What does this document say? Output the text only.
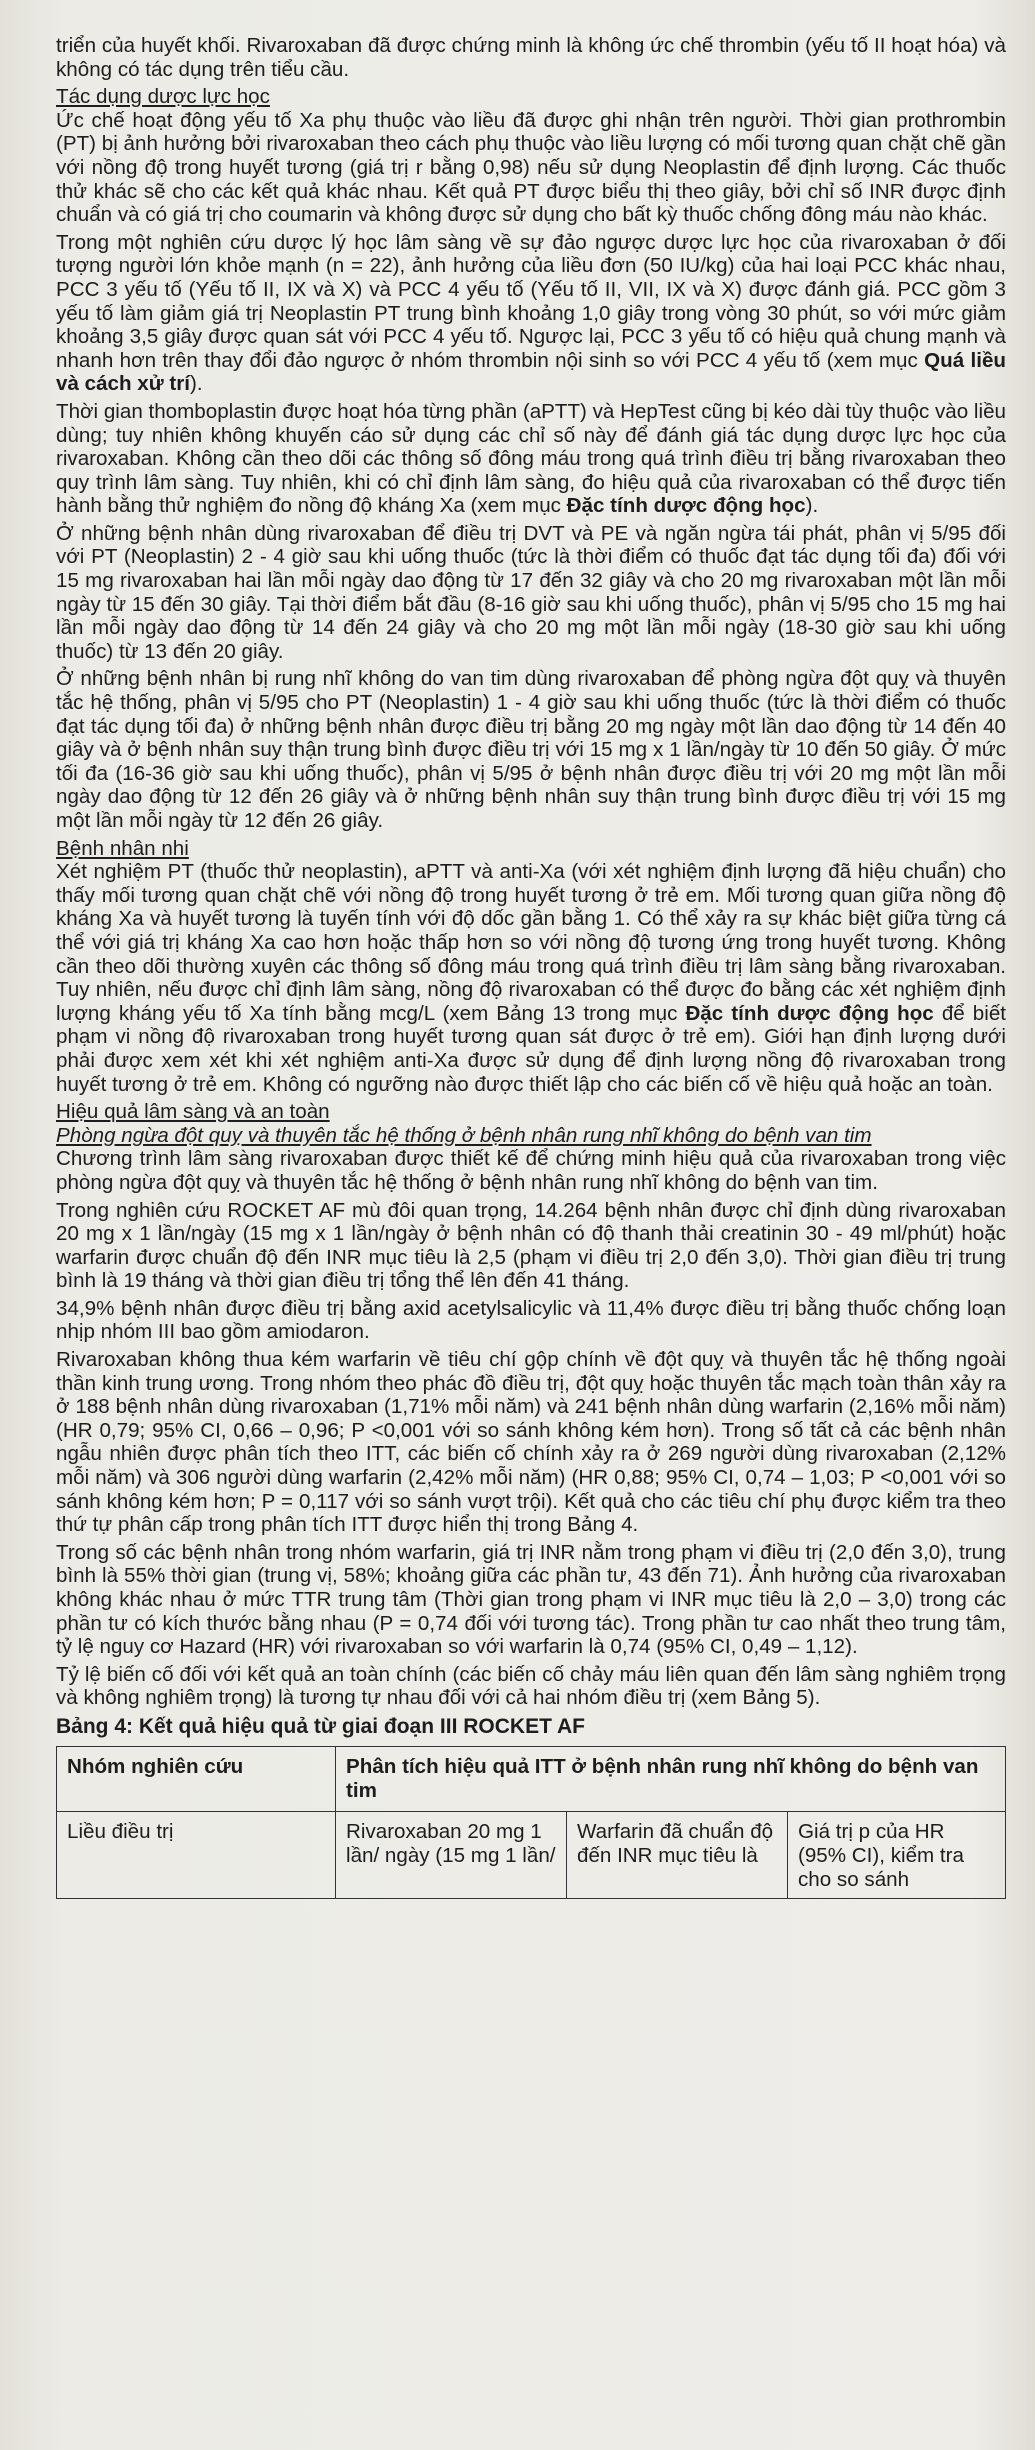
triển của huyết khối. Rivaroxaban đã được chứng minh là không ức chế thrombin (yếu tố II hoạt hóa) và không có tác dụng trên tiểu cầu.

Tác dụng dược lực học

Ức chế hoạt động yếu tố Xa phụ thuộc vào liều đã được ghi nhận trên người. Thời gian prothrombin (PT) bị ảnh hưởng bởi rivaroxaban theo cách phụ thuộc vào liều lượng có mối tương quan chặt chẽ gần với nồng độ trong huyết tương (giá trị r bằng 0,98) nếu sử dụng Neoplastin để định lượng. Các thuốc thử khác sẽ cho các kết quả khác nhau. Kết quả PT được biểu thị theo giây, bởi chỉ số INR được định chuẩn và có giá trị cho coumarin và không được sử dụng cho bất kỳ thuốc chống đông máu nào khác.

Trong một nghiên cứu dược lý học lâm sàng về sự đảo ngược dược lực học của rivaroxaban ở đối tượng người lớn khỏe mạnh (n = 22), ảnh hưởng của liều đơn (50 IU/kg) của hai loại PCC khác nhau, PCC 3 yếu tố (Yếu tố II, IX và X) và PCC 4 yếu tố (Yếu tố II, VII, IX và X) được đánh giá. PCC gồm 3 yếu tố làm giảm giá trị Neoplastin PT trung bình khoảng 1,0 giây trong vòng 30 phút, so với mức giảm khoảng 3,5 giây được quan sát với PCC 4 yếu tố. Ngược lại, PCC 3 yếu tố có hiệu quả chung mạnh và nhanh hơn trên thay đổi đảo ngược ở nhóm thrombin nội sinh so với PCC 4 yếu tố (xem mục Quá liều và cách xử trí).

Thời gian thomboplastin được hoạt hóa từng phần (aPTT) và HepTest cũng bị kéo dài tùy thuộc vào liều dùng; tuy nhiên không khuyến cáo sử dụng các chỉ số này để đánh giá tác dụng dược lực học của rivaroxaban. Không cần theo dõi các thông số đông máu trong quá trình điều trị bằng rivaroxaban theo quy trình lâm sàng. Tuy nhiên, khi có chỉ định lâm sàng, đo hiệu quả của rivaroxaban có thể được tiến hành bằng thử nghiệm đo nồng độ kháng Xa (xem mục Đặc tính dược động học).

Ở những bệnh nhân dùng rivaroxaban để điều trị DVT và PE và ngăn ngừa tái phát, phân vị 5/95 đối với PT (Neoplastin) 2 - 4 giờ sau khi uống thuốc (tức là thời điểm có thuốc đạt tác dụng tối đa) đối với 15 mg rivaroxaban hai lần mỗi ngày dao động từ 17 đến 32 giây và cho 20 mg rivaroxaban một lần mỗi ngày từ 15 đến 30 giây. Tại thời điểm bắt đầu (8-16 giờ sau khi uống thuốc), phân vị 5/95 cho 15 mg hai lần mỗi ngày dao động từ 14 đến 24 giây và cho 20 mg một lần mỗi ngày (18-30 giờ sau khi uống thuốc) từ 13 đến 20 giây.

Ở những bệnh nhân bị rung nhĩ không do van tim dùng rivaroxaban để phòng ngừa đột quỵ và thuyên tắc hệ thống, phân vị 5/95 cho PT (Neoplastin) 1 - 4 giờ sau khi uống thuốc (tức là thời điểm có thuốc đạt tác dụng tối đa) ở những bệnh nhân được điều trị bằng 20 mg ngày một lần dao động từ 14 đến 40 giây và ở bệnh nhân suy thận trung bình được điều trị với 15 mg x 1 lần/ngày từ 10 đến 50 giây. Ở mức tối đa (16-36 giờ sau khi uống thuốc), phân vị 5/95 ở bệnh nhân được điều trị với 20 mg một lần mỗi ngày dao động từ 12 đến 26 giây và ở những bệnh nhân suy thận trung bình được điều trị với 15 mg một lần mỗi ngày từ 12 đến 26 giây.

Bệnh nhân nhi

Xét nghiệm PT (thuốc thử neoplastin), aPTT và anti-Xa (với xét nghiệm định lượng đã hiệu chuẩn) cho thấy mối tương quan chặt chẽ với nồng độ trong huyết tương ở trẻ em. Mối tương quan giữa nồng độ kháng Xa và huyết tương là tuyến tính với độ dốc gần bằng 1. Có thể xảy ra sự khác biệt giữa từng cá thể với giá trị kháng Xa cao hơn hoặc thấp hơn so với nồng độ tương ứng trong huyết tương. Không cần theo dõi thường xuyên các thông số đông máu trong quá trình điều trị lâm sàng bằng rivaroxaban. Tuy nhiên, nếu được chỉ định lâm sàng, nồng độ rivaroxaban có thể được đo bằng các xét nghiệm định lượng kháng yếu tố Xa tính bằng mcg/L (xem Bảng 13 trong mục Đặc tính dược động học để biết phạm vi nồng độ rivaroxaban trong huyết tương quan sát được ở trẻ em). Giới hạn định lượng dưới phải được xem xét khi xét nghiệm anti-Xa được sử dụng để định lượng nồng độ rivaroxaban trong huyết tương ở trẻ em. Không có ngưỡng nào được thiết lập cho các biến cố về hiệu quả hoặc an toàn.

Hiệu quả lâm sàng và an toàn
Phòng ngừa đột quỵ và thuyên tắc hệ thống ở bệnh nhân rung nhĩ không do bệnh van tim

Chương trình lâm sàng rivaroxaban được thiết kế để chứng minh hiệu quả của rivaroxaban trong việc phòng ngừa đột quỵ và thuyên tắc hệ thống ở bệnh nhân rung nhĩ không do bệnh van tim.

Trong nghiên cứu ROCKET AF mù đôi quan trọng, 14.264 bệnh nhân được chỉ định dùng rivaroxaban 20 mg x 1 lần/ngày (15 mg x 1 lần/ngày ở bệnh nhân có độ thanh thải creatinin 30 - 49 ml/phút) hoặc warfarin được chuẩn độ đến INR mục tiêu là 2,5 (phạm vi điều trị 2,0 đến 3,0). Thời gian điều trị trung bình là 19 tháng và thời gian điều trị tổng thể lên đến 41 tháng.

34,9% bệnh nhân được điều trị bằng axid acetylsalicylic và 11,4% được điều trị bằng thuốc chống loạn nhịp nhóm III bao gồm amiodaron.

Rivaroxaban không thua kém warfarin về tiêu chí gộp chính về đột quỵ và thuyên tắc hệ thống ngoài thần kinh trung ương. Trong nhóm theo phác đồ điều trị, đột quỵ hoặc thuyên tắc mạch toàn thân xảy ra ở 188 bệnh nhân dùng rivaroxaban (1,71% mỗi năm) và 241 bệnh nhân dùng warfarin (2,16% mỗi năm) (HR 0,79; 95% CI, 0,66 – 0,96; P <0,001 với so sánh không kém hơn). Trong số tất cả các bệnh nhân ngẫu nhiên được phân tích theo ITT, các biến cố chính xảy ra ở 269 người dùng rivaroxaban (2,12% mỗi năm) và 306 người dùng warfarin (2,42% mỗi năm) (HR 0,88; 95% CI, 0,74 – 1,03; P <0,001 với so sánh không kém hơn; P = 0,117 với so sánh vượt trội). Kết quả cho các tiêu chí phụ được kiểm tra theo thứ tự phân cấp trong phân tích ITT được hiển thị trong Bảng 4.

Trong số các bệnh nhân trong nhóm warfarin, giá trị INR nằm trong phạm vi điều trị (2,0 đến 3,0), trung bình là 55% thời gian (trung vị, 58%; khoảng giữa các phần tư, 43 đến 71). Ảnh hưởng của rivaroxaban không khác nhau ở mức TTR trung tâm (Thời gian trong phạm vi INR mục tiêu là 2,0 – 3,0) trong các phần tư có kích thước bằng nhau (P = 0,74 đối với tương tác). Trong phần tư cao nhất theo trung tâm, tỷ lệ nguy cơ Hazard (HR) với rivaroxaban so với warfarin là 0,74 (95% CI, 0,49 – 1,12).

Tỷ lệ biến cố đối với kết quả an toàn chính (các biến cố chảy máu liên quan đến lâm sàng nghiêm trọng và không nghiêm trọng) là tương tự nhau đối với cả hai nhóm điều trị (xem Bảng 5).

Bảng 4: Kết quả hiệu quả từ giai đoạn III ROCKET AF
Nhóm nghiên cứu	Phân tích hiệu quả ITT ở bệnh nhân rung nhĩ không do bệnh van tim		

Liều điều trị	Rivaroxaban 20 mg 1 lần/ ngày (15 mg 1 lần/	Warfarin đã chuẩn độ đến INR mục tiêu là	Giá trị p của HR (95% CI), kiểm tra cho so sánh
